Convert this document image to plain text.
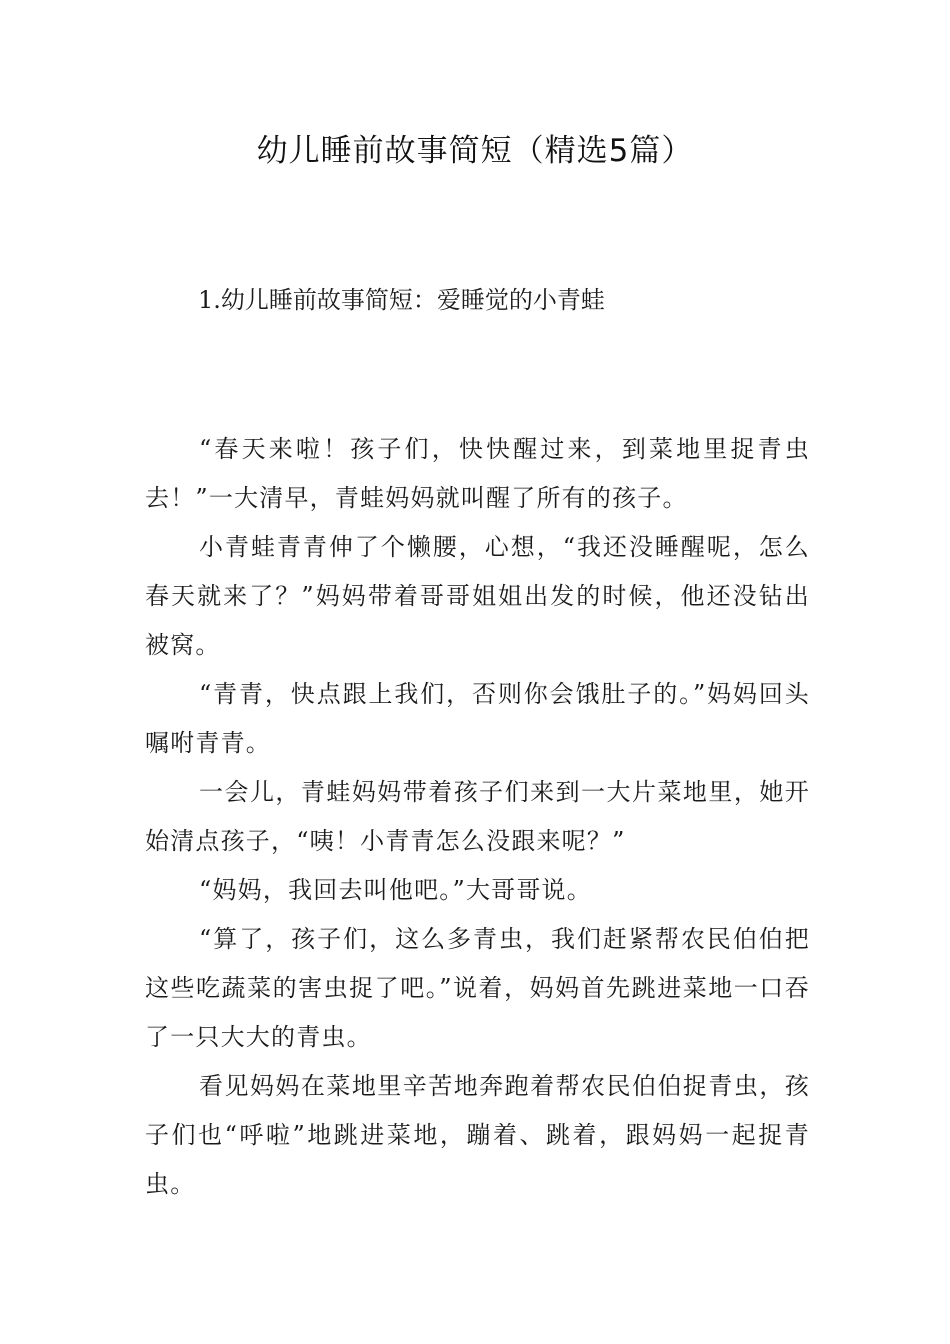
幼儿睡前故事简短（精选5篇）
1.幼儿睡前故事简短：爱睡觉的小青蛙

“春天来啦！孩子们，快快醒过来，到菜地里捉青虫去！”一大清早，青蛙妈妈就叫醒了所有的孩子。

小青蛙青青伸了个懒腰，心想，“我还没睡醒呢，怎么春天就来了？”妈妈带着哥哥姐姐出发的时候，他还没钻出被窝。

“青青，快点跟上我们，否则你会饿肚子的。”妈妈回头嘱咐青青。

一会儿，青蛙妈妈带着孩子们来到一大片菜地里，她开始清点孩子，“咦！小青青怎么没跟来呢？”

“妈妈，我回去叫他吧。”大哥哥说。

“算了，孩子们，这么多青虫，我们赶紧帮农民伯伯把这些吃蔬菜的害虫捉了吧。”说着，妈妈首先跳进菜地一口吞了一只大大的青虫。

看见妈妈在菜地里辛苦地奔跑着帮农民伯伯捉青虫，孩子们也“呼啦”地跳进菜地，蹦着、跳着，跟妈妈一起捉青虫。
